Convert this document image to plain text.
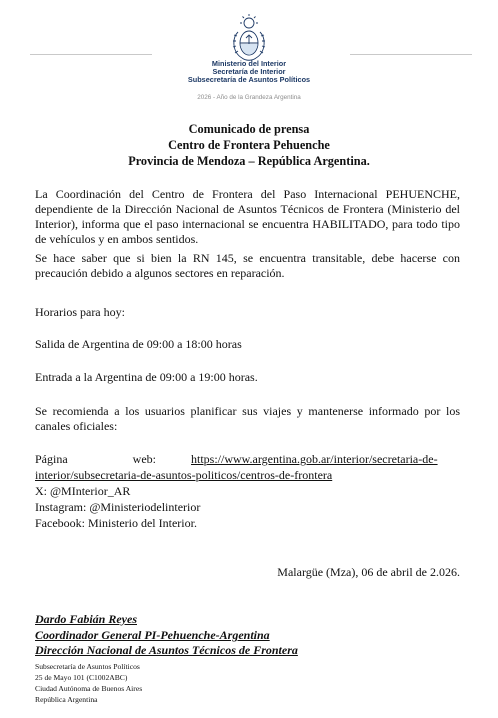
Ministerio del Interior
Secretaría de Interior
Subsecretaría de Asuntos Políticos
2026 - Año de la Grandeza Argentina
Comunicado de prensa
Centro de Frontera Pehuenche
Provincia de Mendoza – República Argentina.
La Coordinación del Centro de Frontera del Paso Internacional PEHUENCHE, dependiente de la Dirección Nacional de Asuntos Técnicos de Frontera (Ministerio del Interior), informa que el paso internacional se encuentra HABILITADO, para todo tipo de vehículos y en ambos sentidos.
Se hace saber que si bien la RN 145, se encuentra transitable, debe hacerse con precaución debido a algunos sectores en reparación.
Horarios para hoy:
Salida de Argentina de 09:00 a 18:00 horas
Entrada a la Argentina de 09:00 a 19:00 horas.
Se recomienda a los usuarios planificar sus viajes y mantenerse informado por los canales oficiales:
Página web:	https://www.argentina.gob.ar/interior/secretaria-de-
interior/subsecretaria-de-asuntos-politicos/centros-de-frontera
X: @MInterior_AR
Instagram: @Ministeriodelinterior
Facebook: Ministerio del Interior.
Malargüe (Mza), 06 de abril de 2.026.
Dardo Fabián Reyes
Coordinador General PI-Pehuenche-Argentina
Dirección Nacional de Asuntos Técnicos de Frontera
Subsecretaría de Asuntos Políticos
25 de Mayo 101 (C1002ABC)
Ciudad Autónoma de Buenos Aires
República Argentina
